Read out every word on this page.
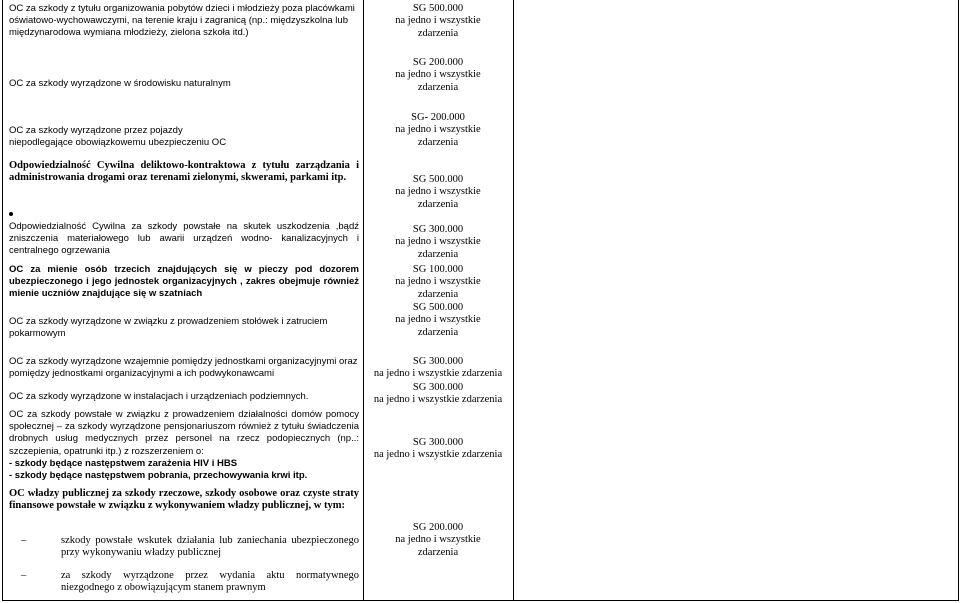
OC za szkody z tytułu organizowania pobytów dzieci i młodzieży poza placówkami oświatowo-wychowawczymi, na terenie kraju i zagranicą (np.: międzyszkolna lub międzynarodowa wymiana młodzieży, zielona szkoła itd.)
SG 500.000
na jedno i wszystkie
zdarzenia
OC za szkody wyrządzone w środowisku naturalnym
SG 200.000
na jedno i wszystkie
zdarzenia
OC za szkody wyrządzone przez pojazdy niepodlegające obowiązkowemu ubezpieczeniu OC
SG- 200.000
na jedno i wszystkie
zdarzenia
Odpowiedzialność Cywilna deliktowo-kontraktowa z tytułu zarządzania i administrowania drogami oraz terenami zielonymi, skwerami, parkami itp.	SG 500.000
na jedno i wszystkie
zdarzenia
Odpowiedzialność Cywilna za szkody powstałe na skutek uszkodzenia ,bądź zniszczenia materiałowego lub awarii urządzeń wodno- kanalizacyjnych i centralnego ogrzewania
SG 300.000
na jedno i wszystkie
zdarzenia
OC za mienie osób trzecich znajdujących się w pieczy pod dozorem ubezpieczonego i jego jednostek organizacyjnych , zakres obejmuje również mienie uczniów znajdujące się w szatniach
SG 100.000
na jedno i wszystkie
zdarzenia
OC za szkody wyrządzone w związku z prowadzeniem stołówek i zatruciem pokarmowym
SG 500.000
na jedno i wszystkie
zdarzenia
OC za szkody wyrządzone wzajemnie pomiędzy jednostkami organizacyjnymi oraz pomiędzy jednostkami organizacyjnymi a ich podwykonawcami
SG 300.000
na jedno i wszystkie zdarzenia
OC za szkody wyrządzone w instalacjach i urządzeniach podziemnych.
SG 300.000
na jedno i wszystkie zdarzenia
OC za szkody powstałe w związku z prowadzeniem działalności domów pomocy społecznej – za szkody wyrządzone pensjonariuszom również z tytułu świadczenia drobnych usług medycznych przez personel na rzecz podopiecznych (np..: szczepienia, opatrunki itp.) z rozszerzeniem o:
- szkody będące następstwem zarażenia HIV i HBS
- szkody będące następstwem pobrania, przechowywania krwi itp.
SG 300.000
na jedno i wszystkie zdarzenia
OC władzy publicznej za szkody rzeczowe, szkody osobowe oraz czyste straty finansowe powstałe w związku z wykonywaniem władzy publicznej, w tym:
–	szkody powstałe wskutek działania lub zaniechania ubezpieczonego przy wykonywaniu władzy publicznej
–	za szkody wyrządzone przez wydania aktu normatywnego niezgodnego z obowiązującym stanem prawnym
SG 200.000
na jedno i wszystkie
zdarzenia
